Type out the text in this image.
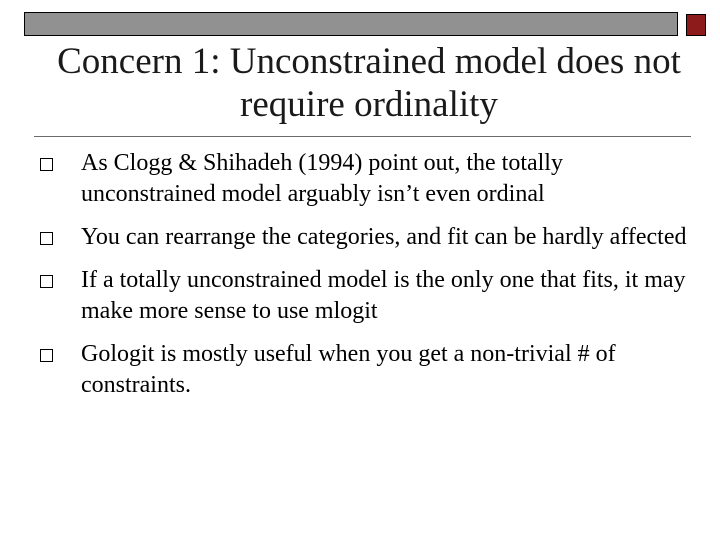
Concern 1: Unconstrained model does not require ordinality
As Clogg & Shihadeh (1994) point out, the totally unconstrained model arguably isn’t even ordinal
You can rearrange the categories, and fit can be hardly affected
If a totally unconstrained model is the only one that fits, it may make more sense to use mlogit
Gologit is mostly useful when you get a non-trivial # of constraints.
